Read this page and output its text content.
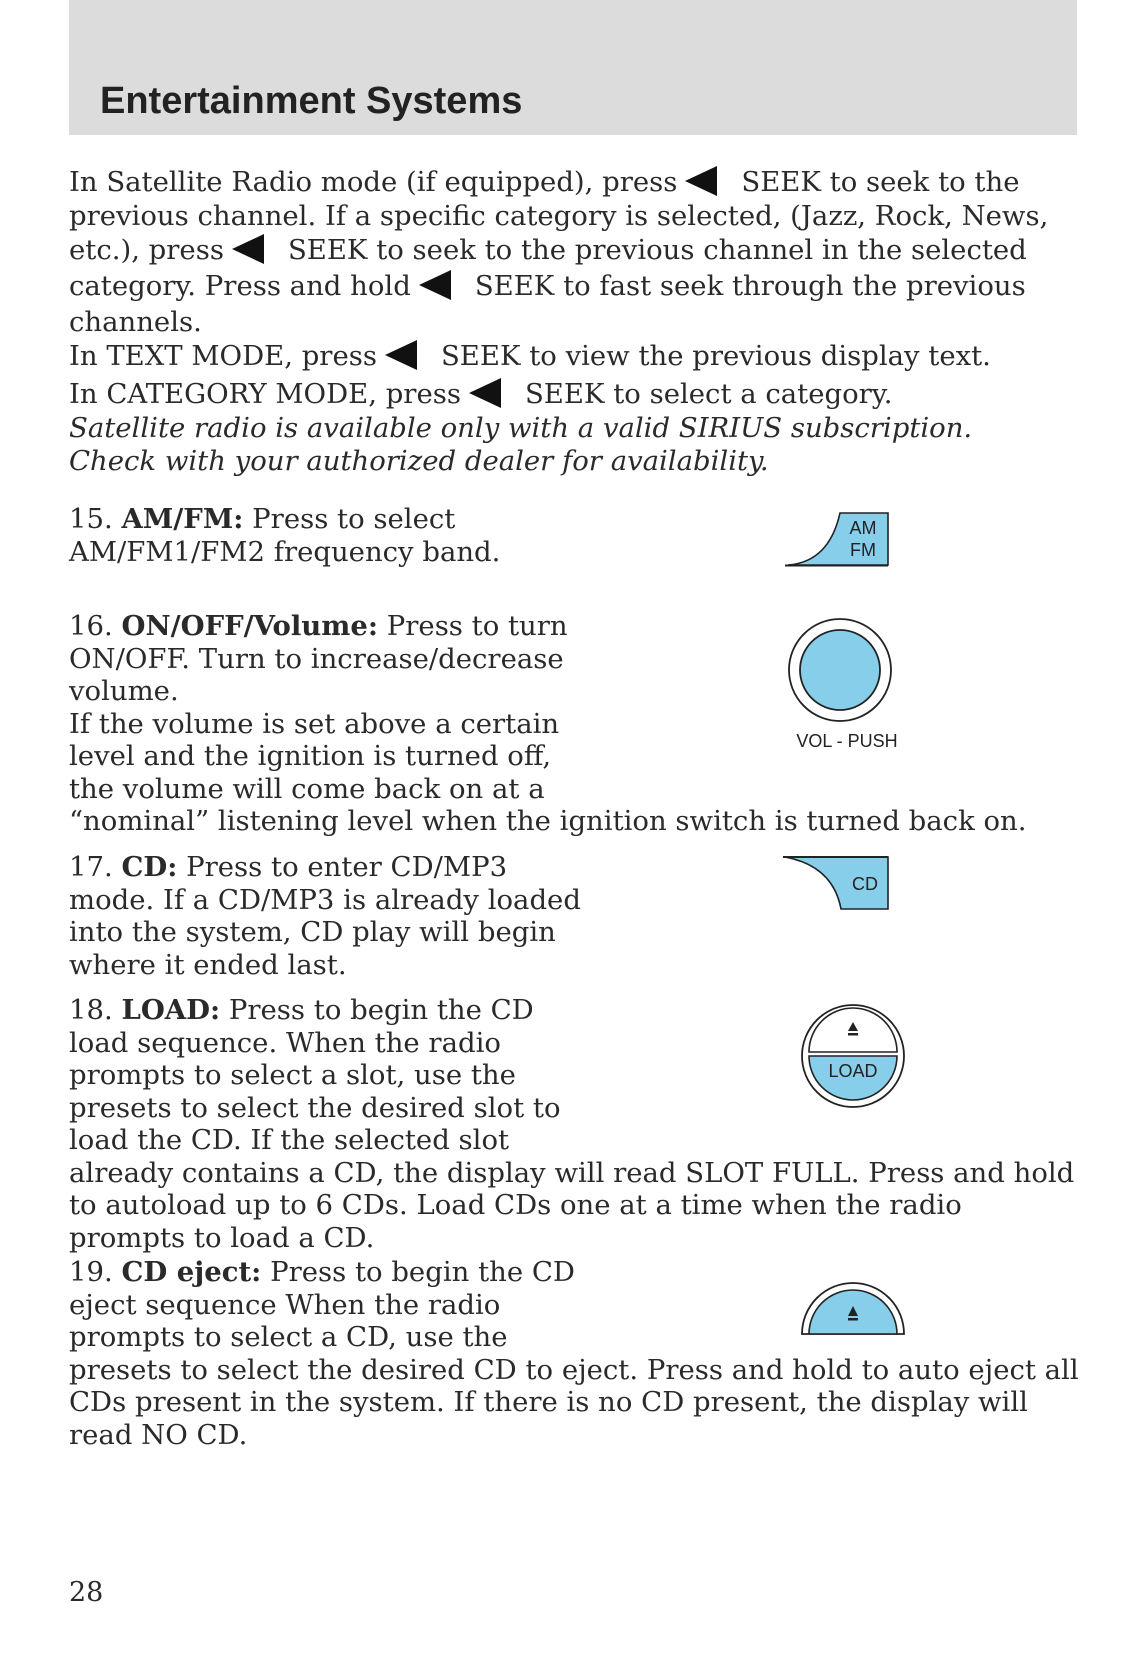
Entertainment Systems
In Satellite Radio mode (if equipped), press SEEK to seek to the
previous channel. If a specific category is selected, (Jazz, Rock, News,
etc.), press SEEK to seek to the previous channel in the selected
category. Press and hold SEEK to fast seek through the previous
channels.
In TEXT MODE, press SEEK to view the previous display text.
In CATEGORY MODE, press SEEK to select a category.
Satellite radio is available only with a valid SIRIUS subscription.
Check with your authorized dealer for availability.
15. AM/FM: Press to select
AM/FM1/FM2 frequency band.
AM
FM
16. ON/OFF/Volume: Press to turn
ON/OFF. Turn to increase/decrease
volume.
If the volume is set above a certain
level and the ignition is turned off,
the volume will come back on at a
“nominal” listening level when the ignition switch is turned back on.
VOL - PUSH
17. CD: Press to enter CD/MP3
mode. If a CD/MP3 is already loaded
into the system, CD play will begin
where it ended last.
CD
18. LOAD: Press to begin the CD
load sequence. When the radio
prompts to select a slot, use the
presets to select the desired slot to
load the CD. If the selected slot
already contains a CD, the display will read SLOT FULL. Press and hold
to autoload up to 6 CDs. Load CDs one at a time when the radio
prompts to load a CD.
LOAD
19. CD eject: Press to begin the CD
eject sequence When the radio
prompts to select a CD, use the
presets to select the desired CD to eject. Press and hold to auto eject all
CDs present in the system. If there is no CD present, the display will
read NO CD.
28
